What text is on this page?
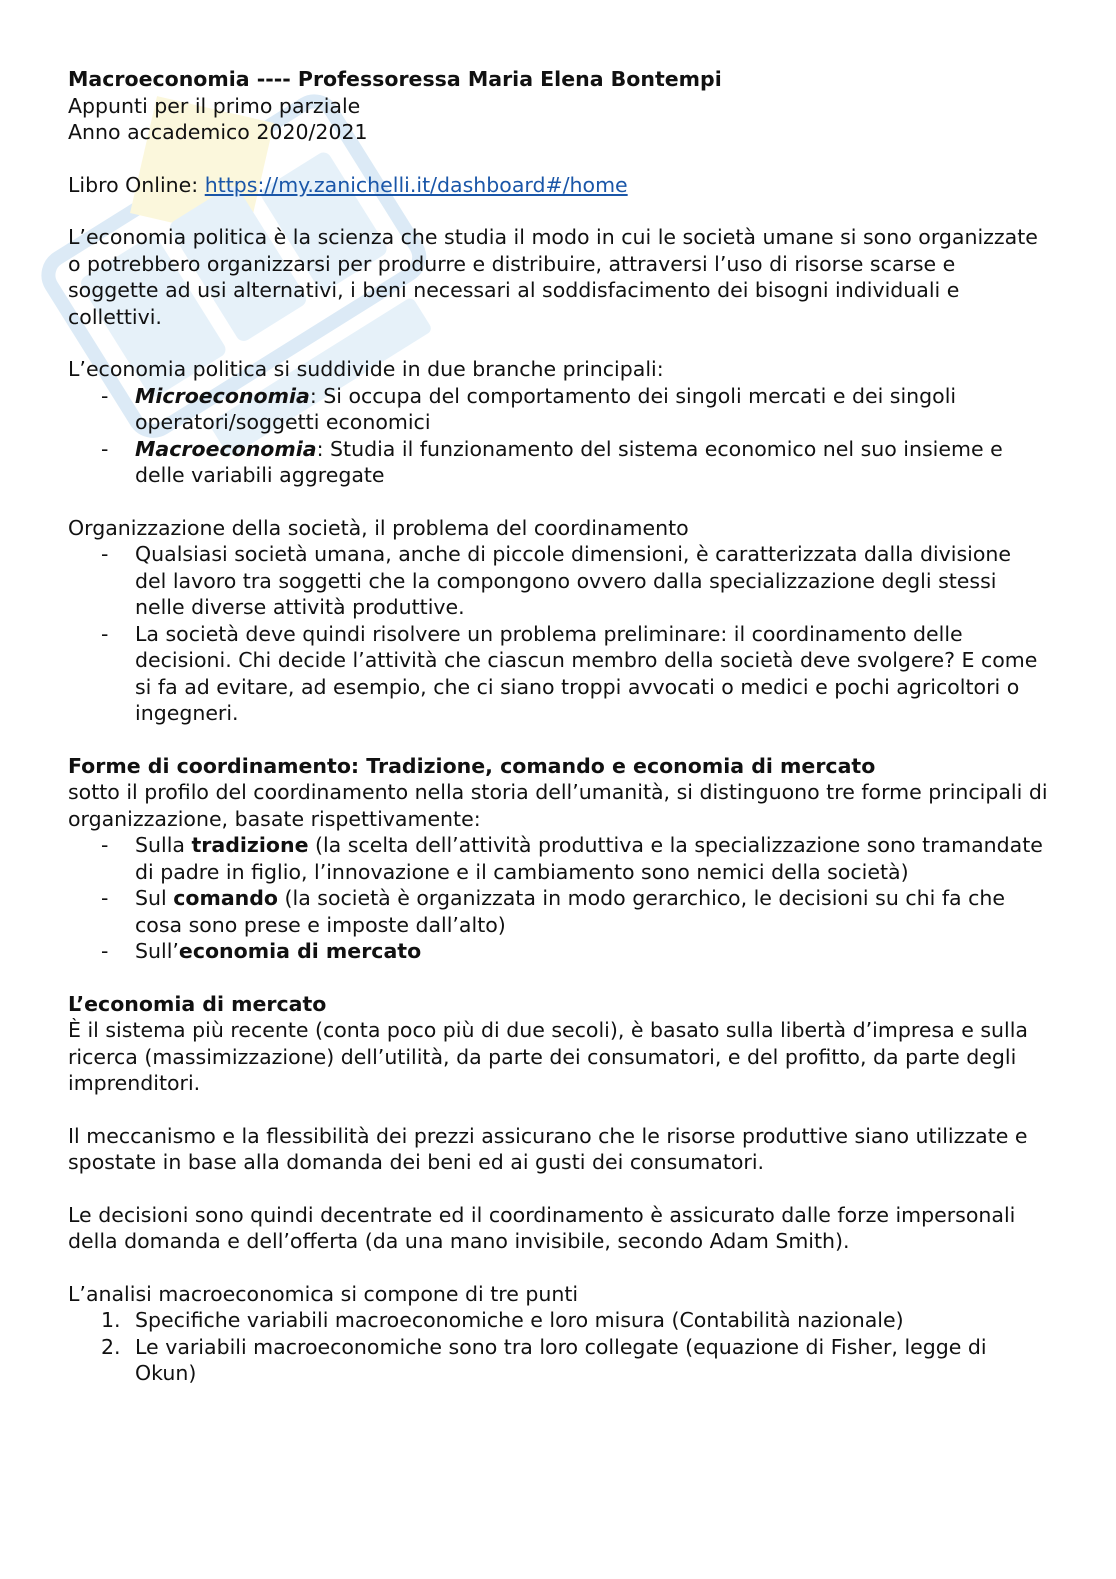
Macroeconomia ---- Professoressa Maria Elena Bontempi

Appunti per il primo parziale

Anno accademico 2020/2021

Libro Online: https://my.zanichelli.it/dashboard#/home

L’economia politica è la scienza che studia il modo in cui le società umane si sono organizzate o potrebbero organizzarsi per produrre e distribuire, attraversi l’uso di risorse scarse e soggette ad usi alternativi, i beni necessari al soddisfacimento dei bisogni individuali e collettivi.

L’economia politica si suddivide in due branche principali:

- Microeconomia: Si occupa del comportamento dei singoli mercati e dei singoli operatori/soggetti economici
- Macroeconomia: Studia il funzionamento del sistema economico nel suo insieme e delle variabili aggregate

Organizzazione della società, il problema del coordinamento

- Qualsiasi società umana, anche di piccole dimensioni, è caratterizzata dalla divisione del lavoro tra soggetti che la compongono ovvero dalla specializzazione degli stessi nelle diverse attività produttive.
- La società deve quindi risolvere un problema preliminare: il coordinamento delle decisioni. Chi decide l’attività che ciascun membro della società deve svolgere? E come si fa ad evitare, ad esempio, che ci siano troppi avvocati o medici e pochi agricoltori o ingegneri.

Forme di coordinamento: Tradizione, comando e economia di mercato

sotto il profilo del coordinamento nella storia dell’umanità, si distinguono tre forme principali di organizzazione, basate rispettivamente:

- Sulla tradizione (la scelta dell’attività produttiva e la specializzazione sono tramandate di padre in figlio, l’innovazione e il cambiamento sono nemici della società)
- Sul comando (la società è organizzata in modo gerarchico, le decisioni su chi fa che cosa sono prese e imposte dall’alto)
- Sull’economia di mercato

L’economia di mercato

È il sistema più recente (conta poco più di due secoli), è basato sulla libertà d’impresa e sulla ricerca (massimizzazione) dell’utilità, da parte dei consumatori, e del profitto, da parte degli imprenditori.

Il meccanismo e la flessibilità dei prezzi assicurano che le risorse produttive siano utilizzate e spostate in base alla domanda dei beni ed ai gusti dei consumatori.

Le decisioni sono quindi decentrate ed il coordinamento è assicurato dalle forze impersonali della domanda e dell’offerta (da una mano invisibile, secondo Adam Smith).

L’analisi macroeconomica si compone di tre punti

1. Specifiche variabili macroeconomiche e loro misura (Contabilità nazionale)
2. Le variabili macroeconomiche sono tra loro collegate (equazione di Fisher, legge di Okun)
